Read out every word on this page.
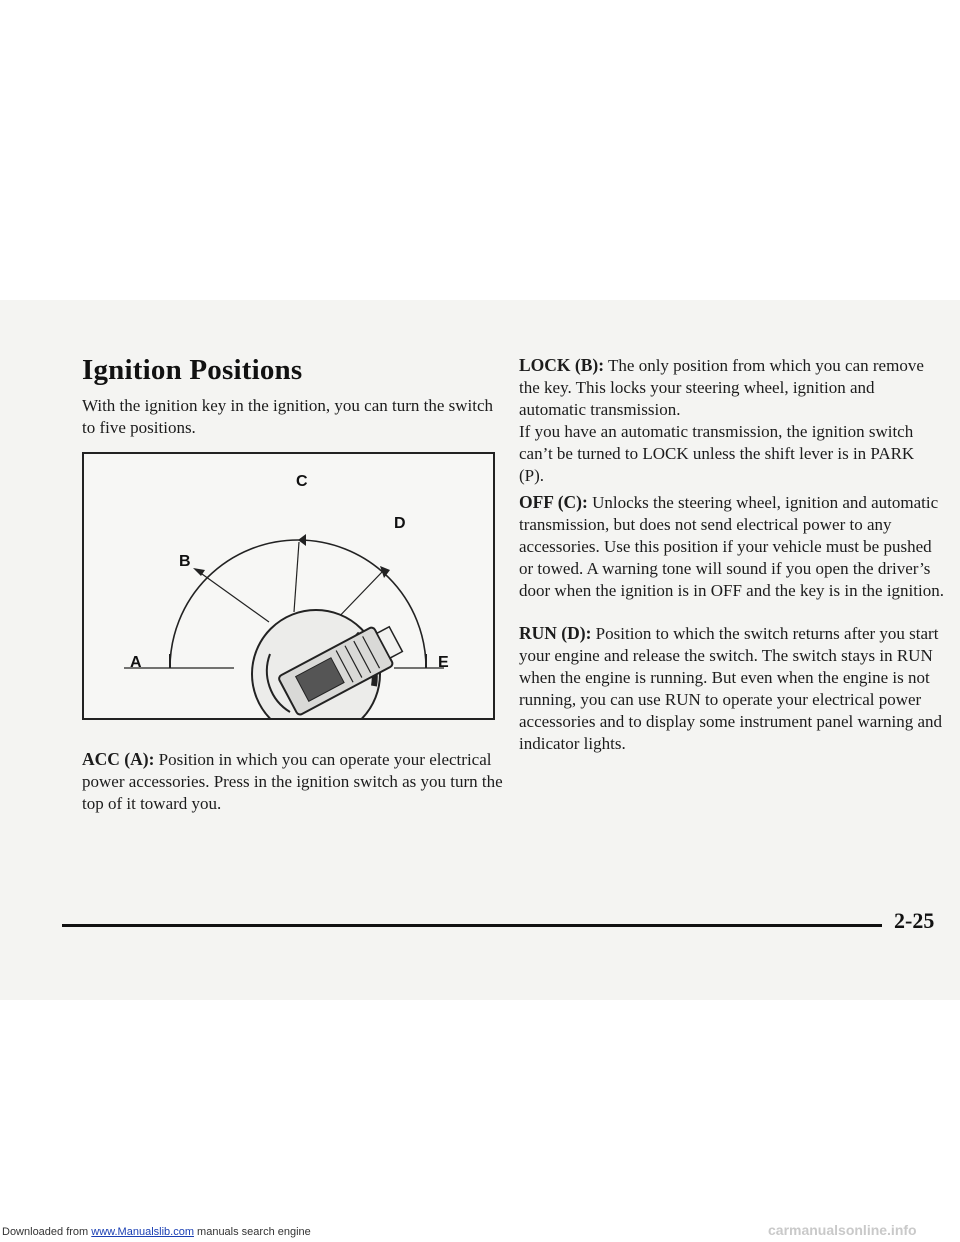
Ignition Positions
With the ignition key in the ignition, you can turn the switch to five positions.
A
B
C
D
E
ACC (A): Position in which you can operate your electrical power accessories. Press in the ignition switch as you turn the top of it toward you.
LOCK (B): The only position from which you can remove the key. This locks your steering wheel, ignition and automatic transmission.
If you have an automatic transmission, the ignition switch can’t be turned to LOCK unless the shift lever is in PARK (P).
OFF (C): Unlocks the steering wheel, ignition and automatic transmission, but does not send electrical power to any accessories. Use this position if your vehicle must be pushed or towed. A warning tone will sound if you open the driver’s door when the ignition is in OFF and the key is in the ignition.
RUN (D): Position to which the switch returns after you start your engine and release the switch. The switch stays in RUN when the engine is running. But even when the engine is not running, you can use RUN to operate your electrical power accessories and to display some instrument panel warning and indicator lights.
2-25
Downloaded from www.Manualslib.com manuals search engine	carmanualsonline.info
